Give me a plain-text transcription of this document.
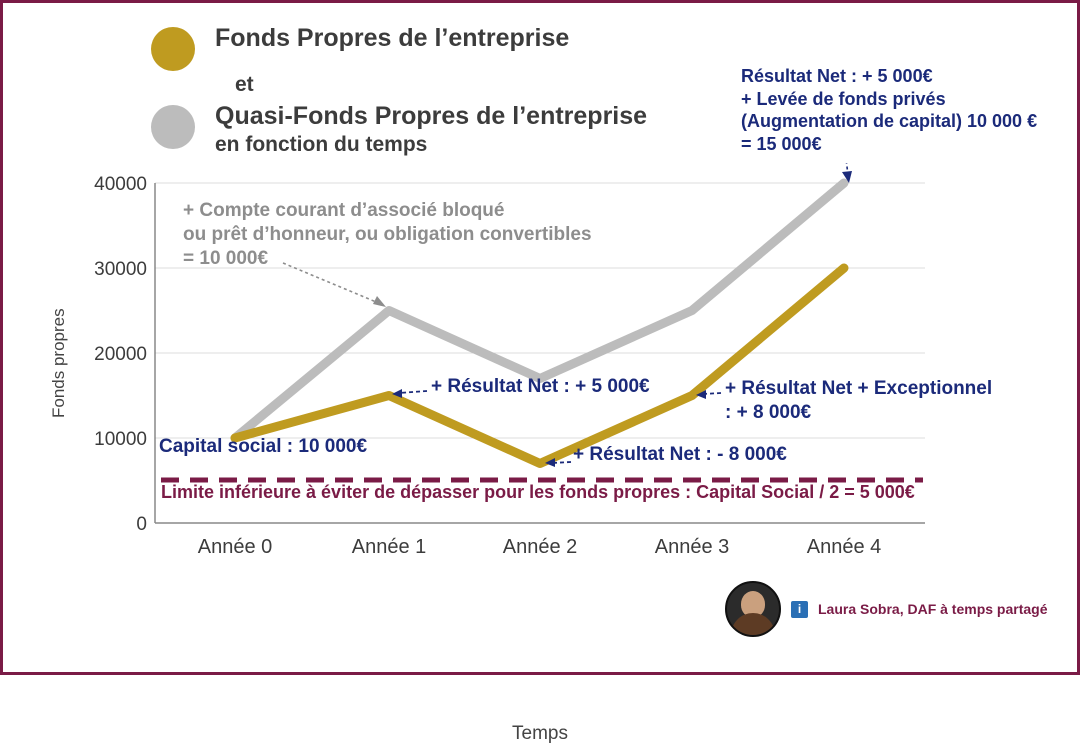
Fonds Propres de l’entreprise
et
Quasi-Fonds Propres de l’entreprise
en fonction du temps
40000
30000
20000
10000
0
Année 0	Année 1	Année 2	Année 3	Année 4
Fonds propres
Temps
+ Compte courant d’associé bloqué
ou prêt d’honneur, ou obligation convertibles
= 10 000€
Résultat Net : + 5 000€
+ Levée de fonds privés
(Augmentation de capital) 10 000 €
= 15 000€
Capital social : 10 000€
+ Résultat Net : + 5 000€
+ Résultat Net : - 8 000€
+ Résultat Net + Exceptionnel
: + 8 000€
Limite inférieure à éviter de dépasser pour les fonds propres : Capital Social / 2 = 5 000€
i	Laura Sobra, DAF à temps partagé
